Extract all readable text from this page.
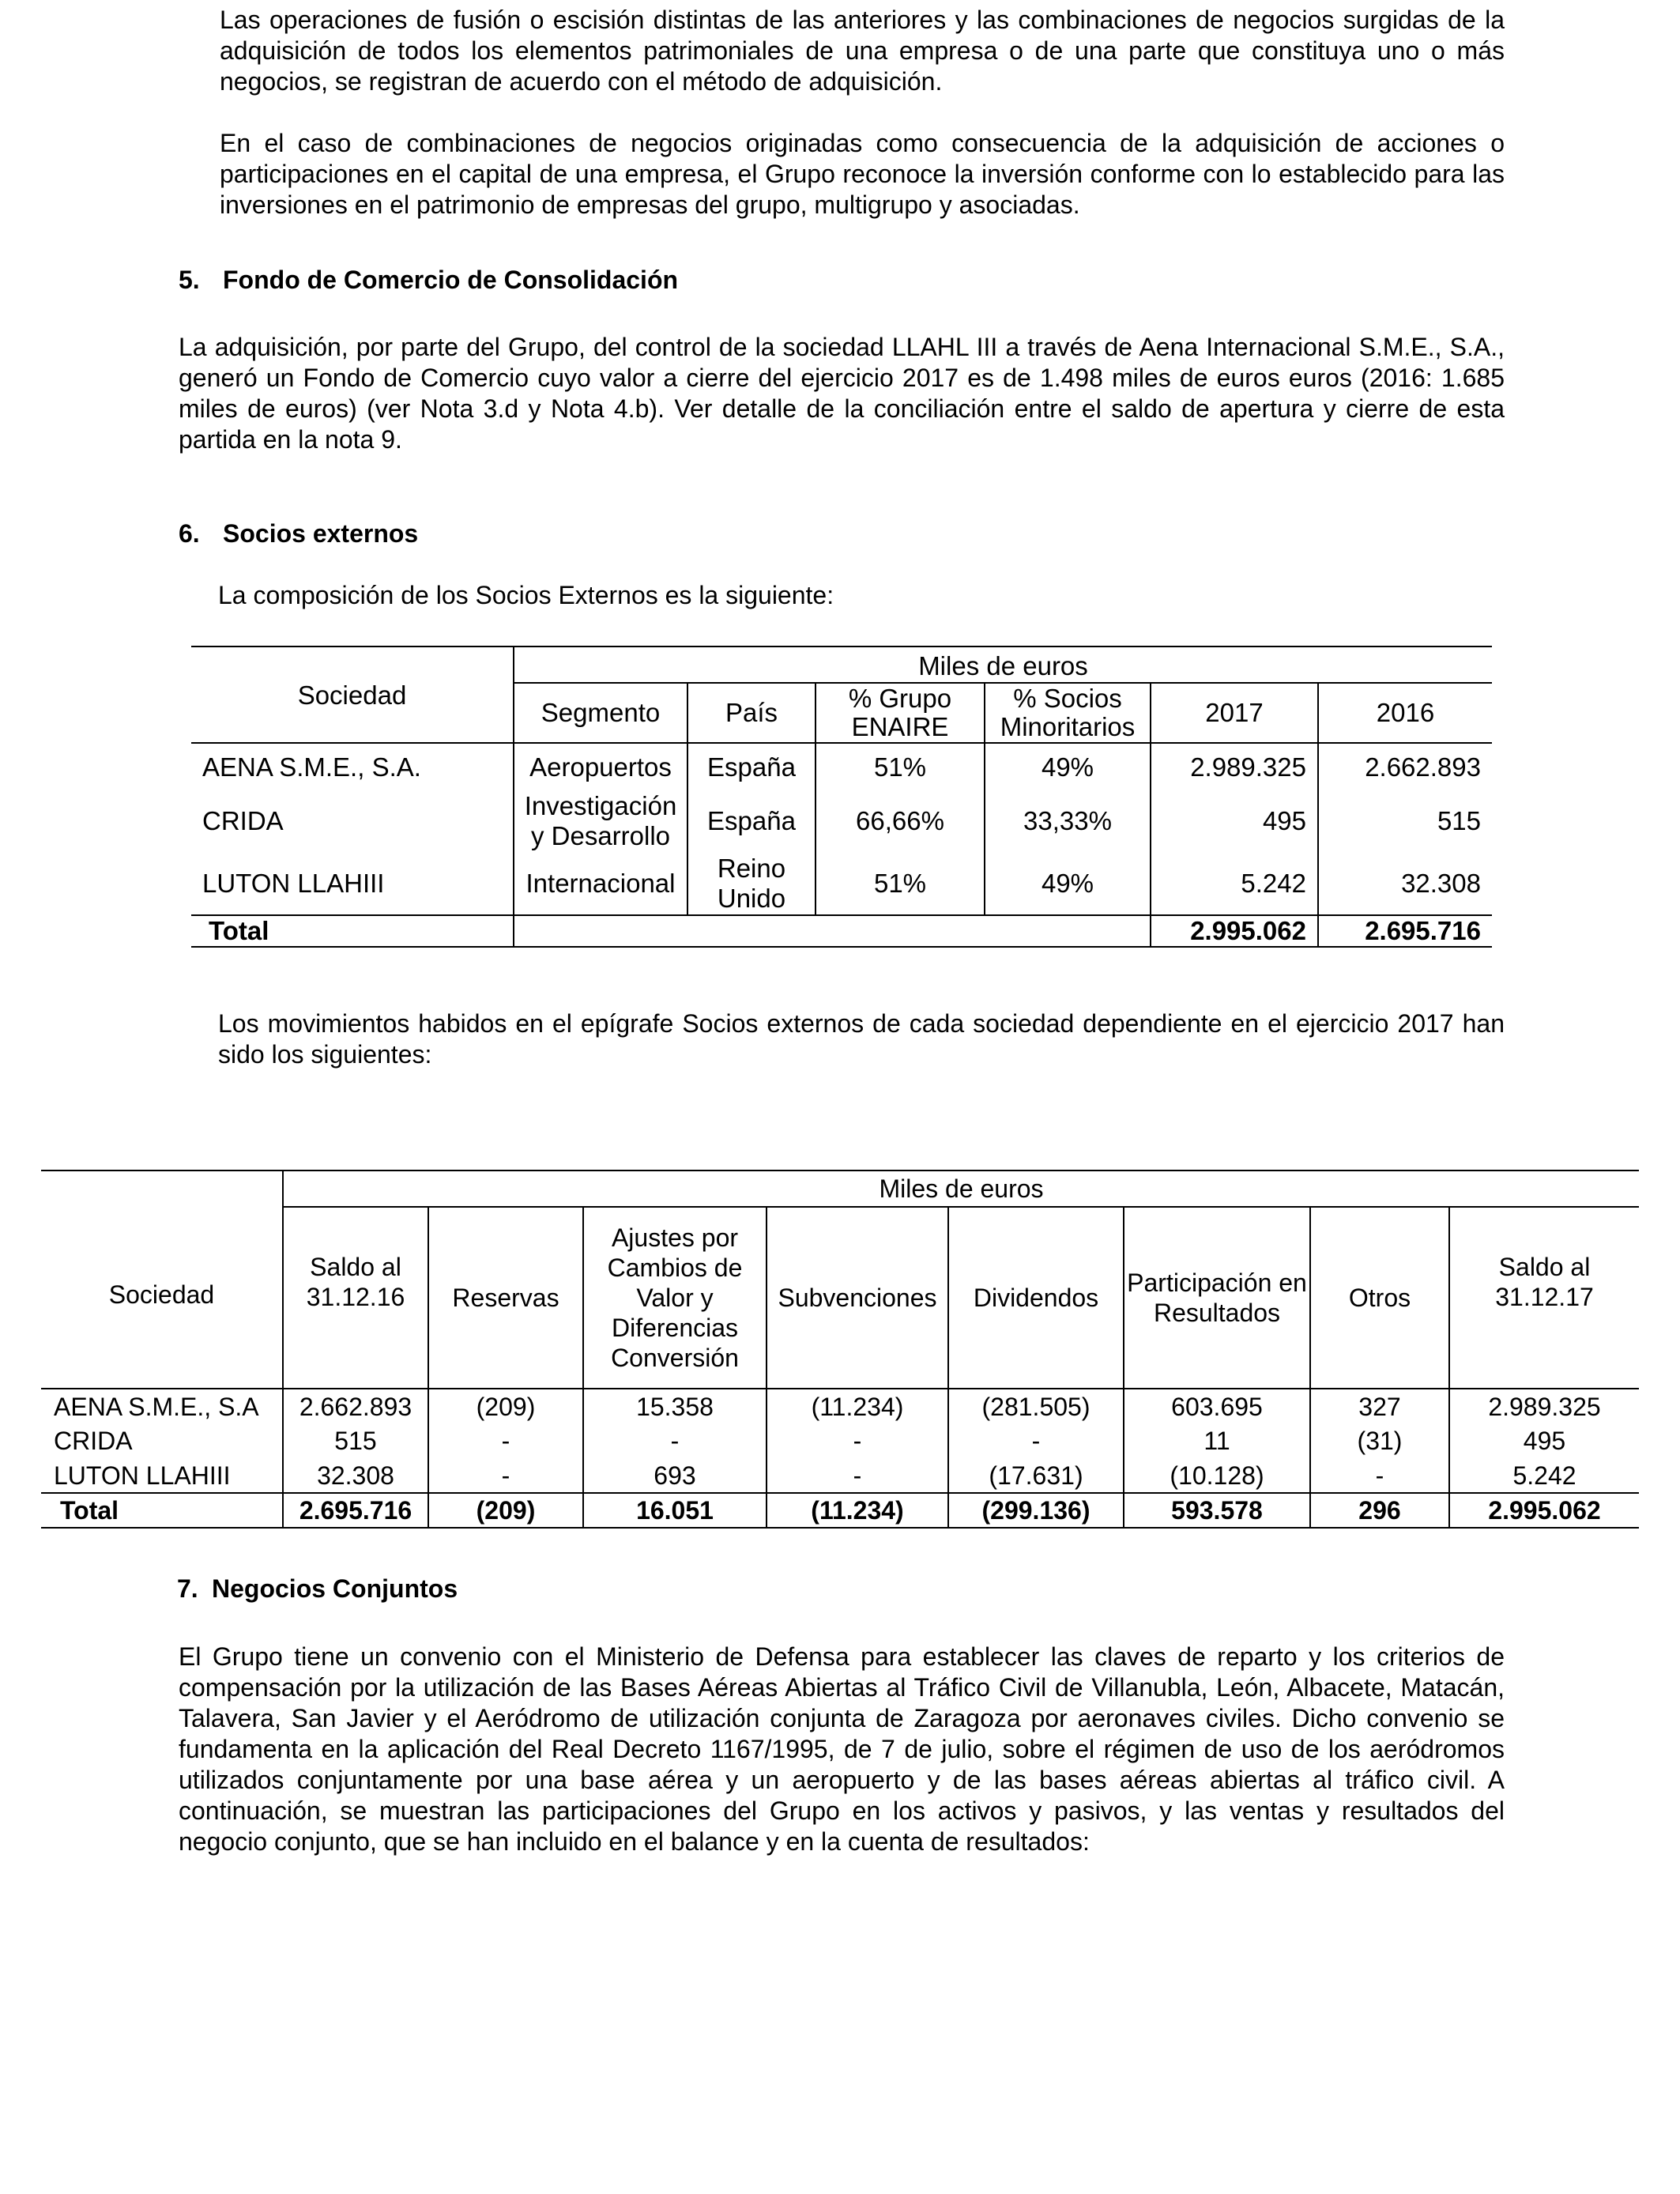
Las operaciones de fusión o escisión distintas de las anteriores y las combinaciones de negocios surgidas de la adquisición de todos los elementos patrimoniales de una empresa o de una parte que constituya uno o más negocios, se registran de acuerdo con el método de adquisición.

En el caso de combinaciones de negocios originadas como consecuencia de la adquisición de acciones o participaciones en el capital de una empresa, el Grupo reconoce la inversión conforme con lo establecido para las inversiones en el patrimonio de empresas del grupo, multigrupo y asociadas.

5. Fondo de Comercio de Consolidación

La adquisición, por parte del Grupo, del control de la sociedad LLAHL III a través de Aena Internacional S.M.E., S.A., generó un Fondo de Comercio cuyo valor a cierre del ejercicio 2017 es de 1.498 miles de euros euros (2016: 1.685 miles de euros) (ver Nota 3.d y Nota 4.b). Ver detalle de la conciliación entre el saldo de apertura y cierre de esta partida en la nota 9.

6. Socios externos

La composición de los Socios Externos es la siguiente:

Sociedad	Miles de euros					
	Segmento	País	% Grupo ENAIRE	% Socios Minoritarios	2017	2016
AENA S.M.E., S.A.	Aeropuertos	España	51%	49%	2.989.325	2.662.893
CRIDA	Investigación y Desarrollo	España	66,66%	33,33%	495	515
LUTON LLAHIII	Internacional	Reino Unido	51%	49%	5.242	32.308
Total					2.995.062	2.695.716

Los movimientos habidos en el epígrafe Socios externos de cada sociedad dependiente en el ejercicio 2017 han sido los siguientes:

Sociedad	Miles de euros							
	Saldo al 31.12.16	Reservas	Ajustes por Cambios de Valor y Diferencias Conversión	Subvenciones	Dividendos	Participación en Resultados	Otros	Saldo al 31.12.17
AENA S.M.E., S.A	2.662.893	(209)	15.358	(11.234)	(281.505)	603.695	327	2.989.325
CRIDA	515	-	-	-	-	11	(31)	495
LUTON LLAHIII	32.308	-	693	-	(17.631)	(10.128)	-	5.242
Total	2.695.716	(209)	16.051	(11.234)	(299.136)	593.578	296	2.995.062
7. Negocios Conjuntos

El Grupo tiene un convenio con el Ministerio de Defensa para establecer las claves de reparto y los criterios de compensación por la utilización de las Bases Aéreas Abiertas al Tráfico Civil de Villanubla, León, Albacete, Matacán, Talavera, San Javier y el Aeródromo de utilización conjunta de Zaragoza por aeronaves civiles. Dicho convenio se fundamenta en la aplicación del Real Decreto 1167/1995, de 7 de julio, sobre el régimen de uso de los aeródromos utilizados conjuntamente por una base aérea y un aeropuerto y de las bases aéreas abiertas al tráfico civil. A continuación, se muestran las participaciones del Grupo en los activos y pasivos, y las ventas y resultados del negocio conjunto, que se han incluido en el balance y en la cuenta de resultados:
